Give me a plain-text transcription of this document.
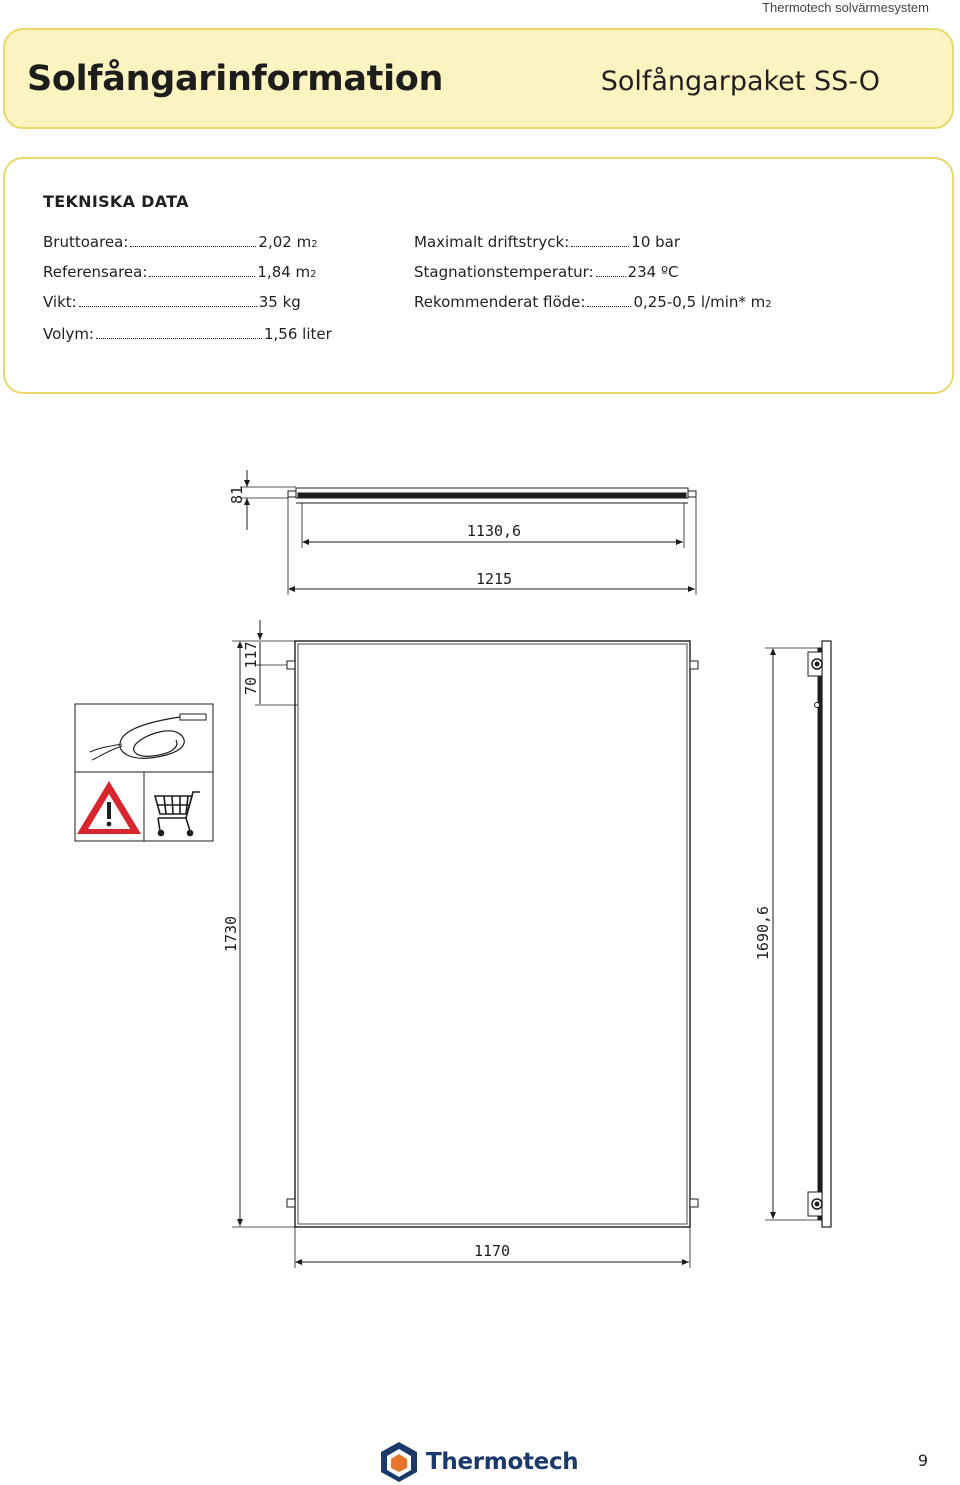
Thermotech solvärmesystem
Solfångarinformation	Solfångarpaket SS-O
TEKNISKA DATA
Bruttoarea:	2,02 m 2
Referensarea:	1,84 m 2
Vikt:	35 kg
Volym:	1,56 liter
Maximalt driftstryck:	10 bar
Stagnationstemperatur: 234 ºC
Rekommenderat flöde:	0,25-0,5 l/min* m 2
1130,6
1215
81
1730
70
117
1170
1690,6
Thermotech	9
